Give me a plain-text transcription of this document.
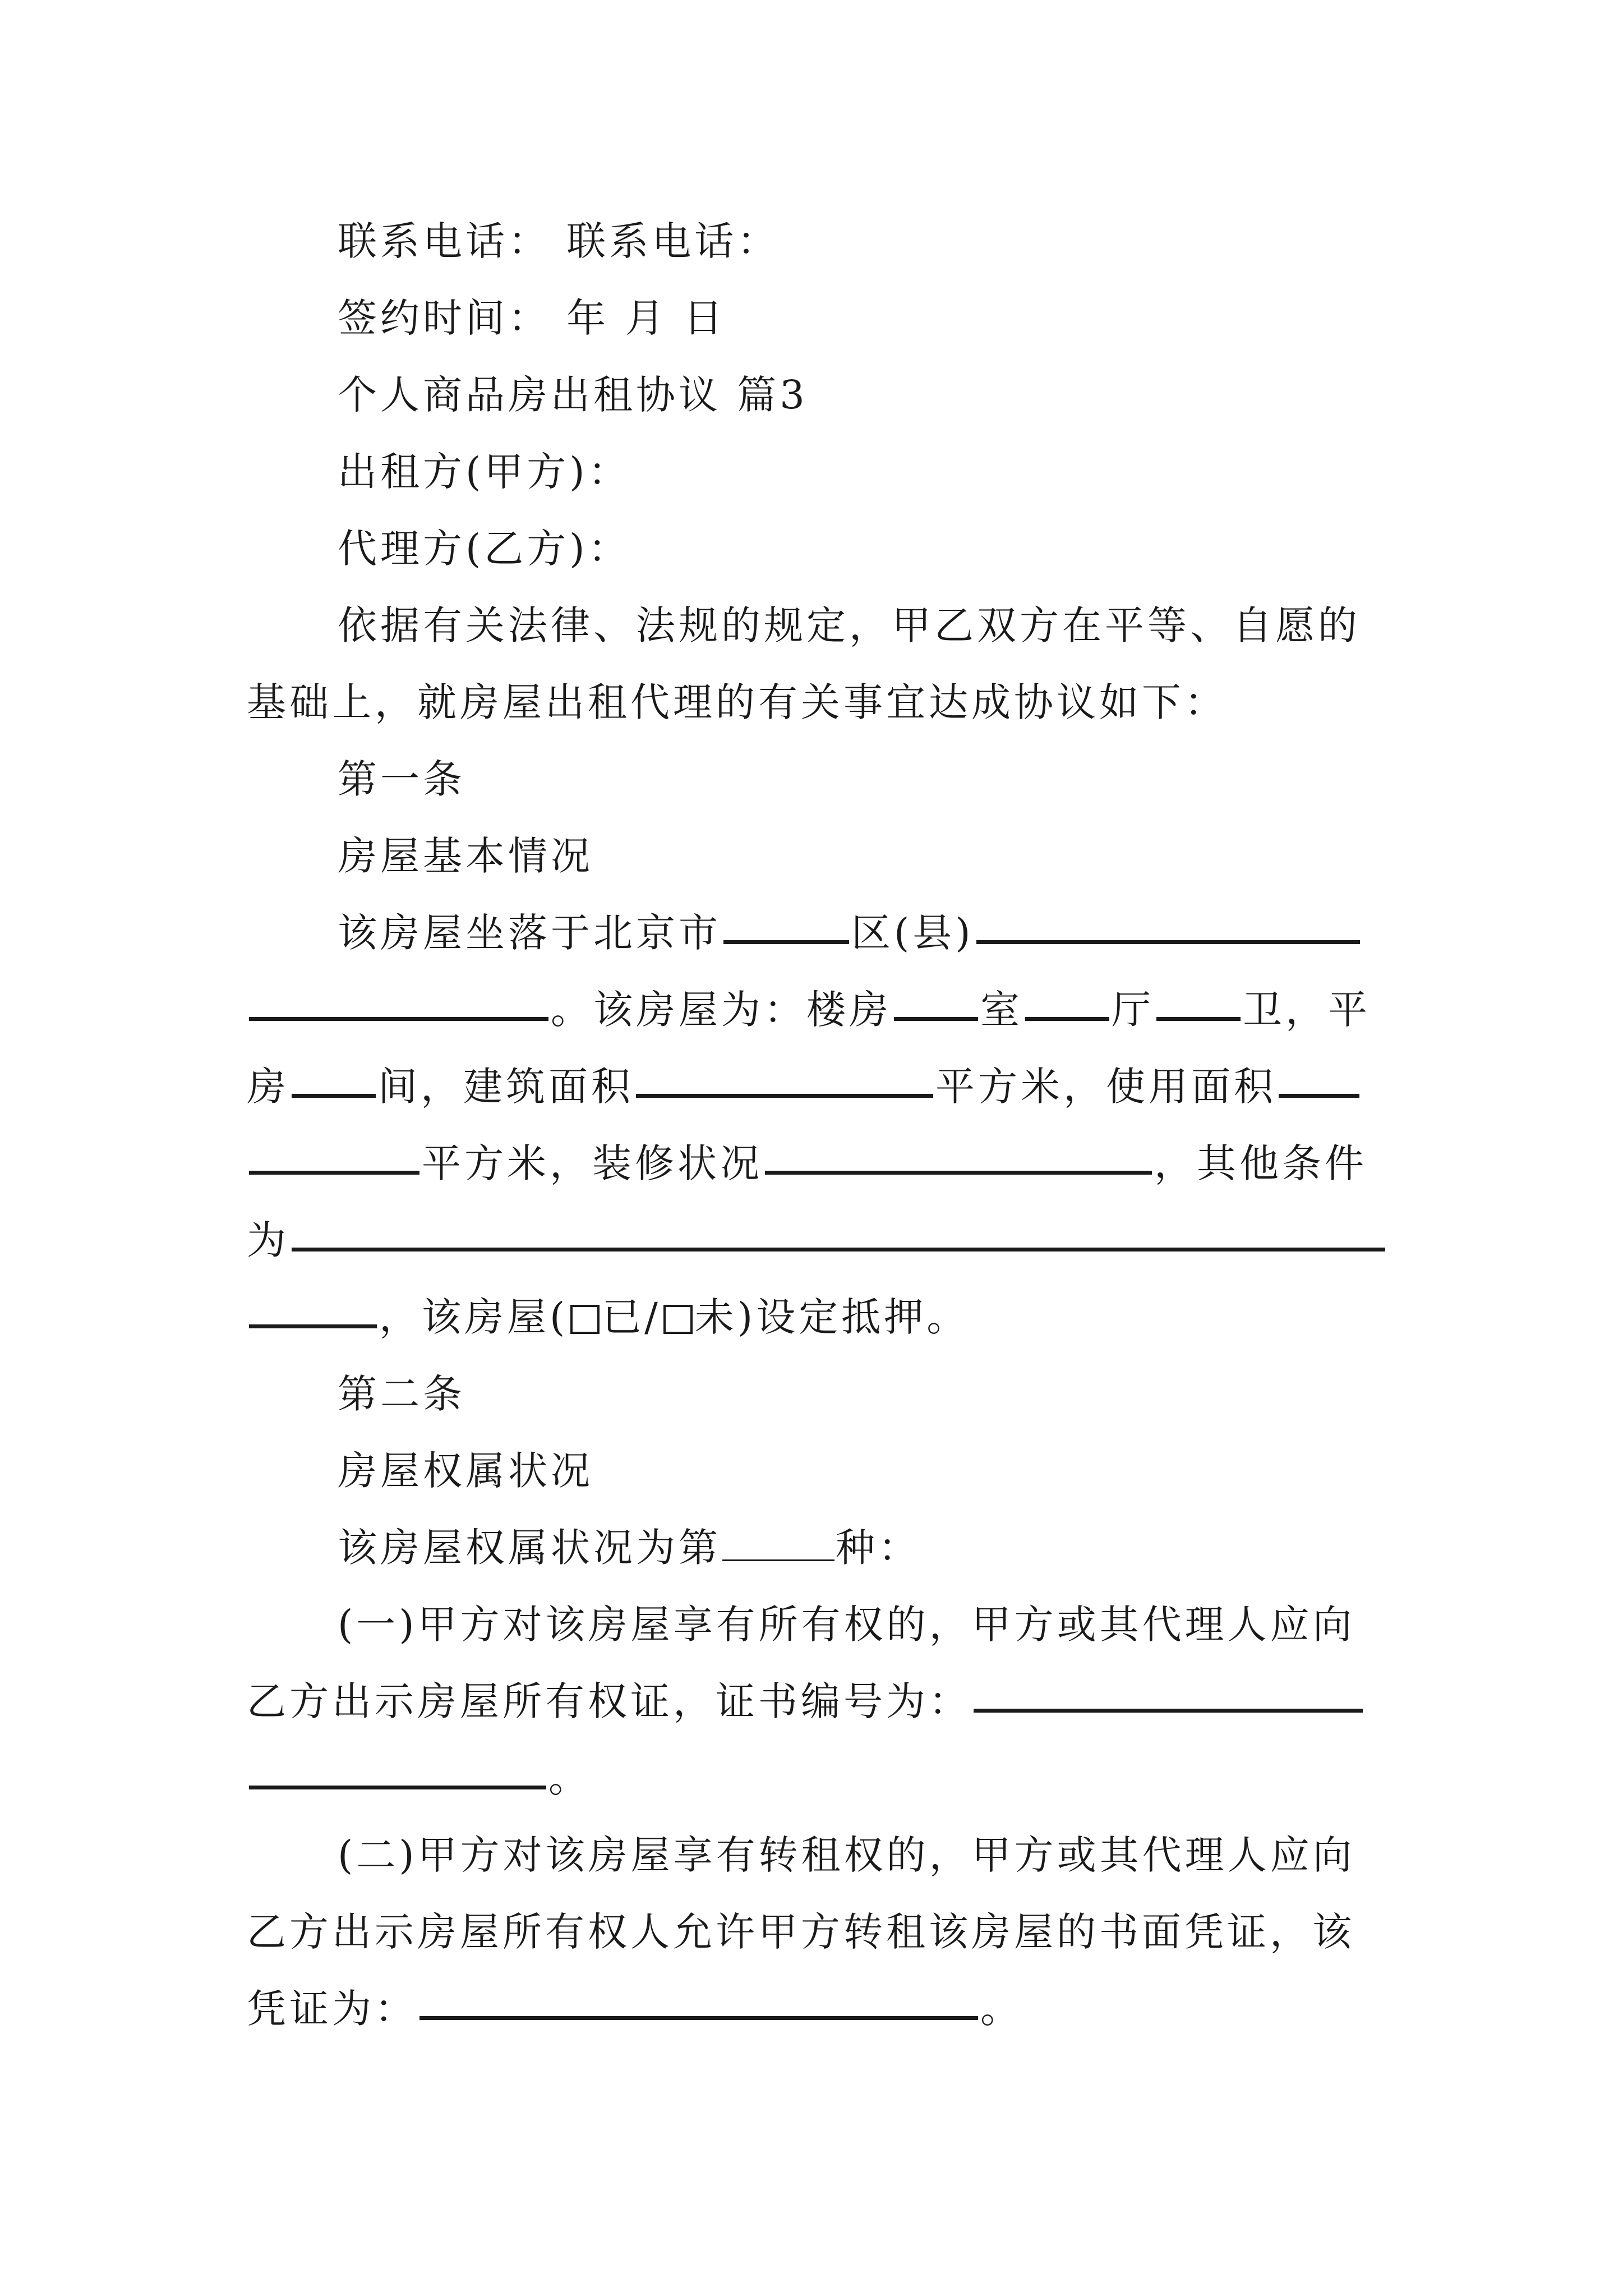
联系电话： 联系电话：
签约时间： 年 月 日
个人商品房出租协议 篇3
出租方(甲方)：
代理方(乙方)：
依据有关法律、法规的规定，甲乙双方在平等、自愿的
基础上，就房屋出租代理的有关事宜达成协议如下：
第一条
房屋基本情况
该房屋坐落于北京市	区(县)
。该房屋为：楼房 室 厅 卫，平
房 间，建筑面积	平方米，使用面积
平方米，装修状况	，其他条件
为
，该房屋( 已/ 未)设定抵押。
第二条
房屋权属状况
该房屋权属状况为第	种：
(一)甲方对该房屋享有所有权的，甲方或其代理人应向
乙方出示房屋所有权证，证书编号为：
。
(二)甲方对该房屋享有转租权的，甲方或其代理人应向
乙方出示房屋所有权人允许甲方转租该房屋的书面凭证，该
凭证为：	。
